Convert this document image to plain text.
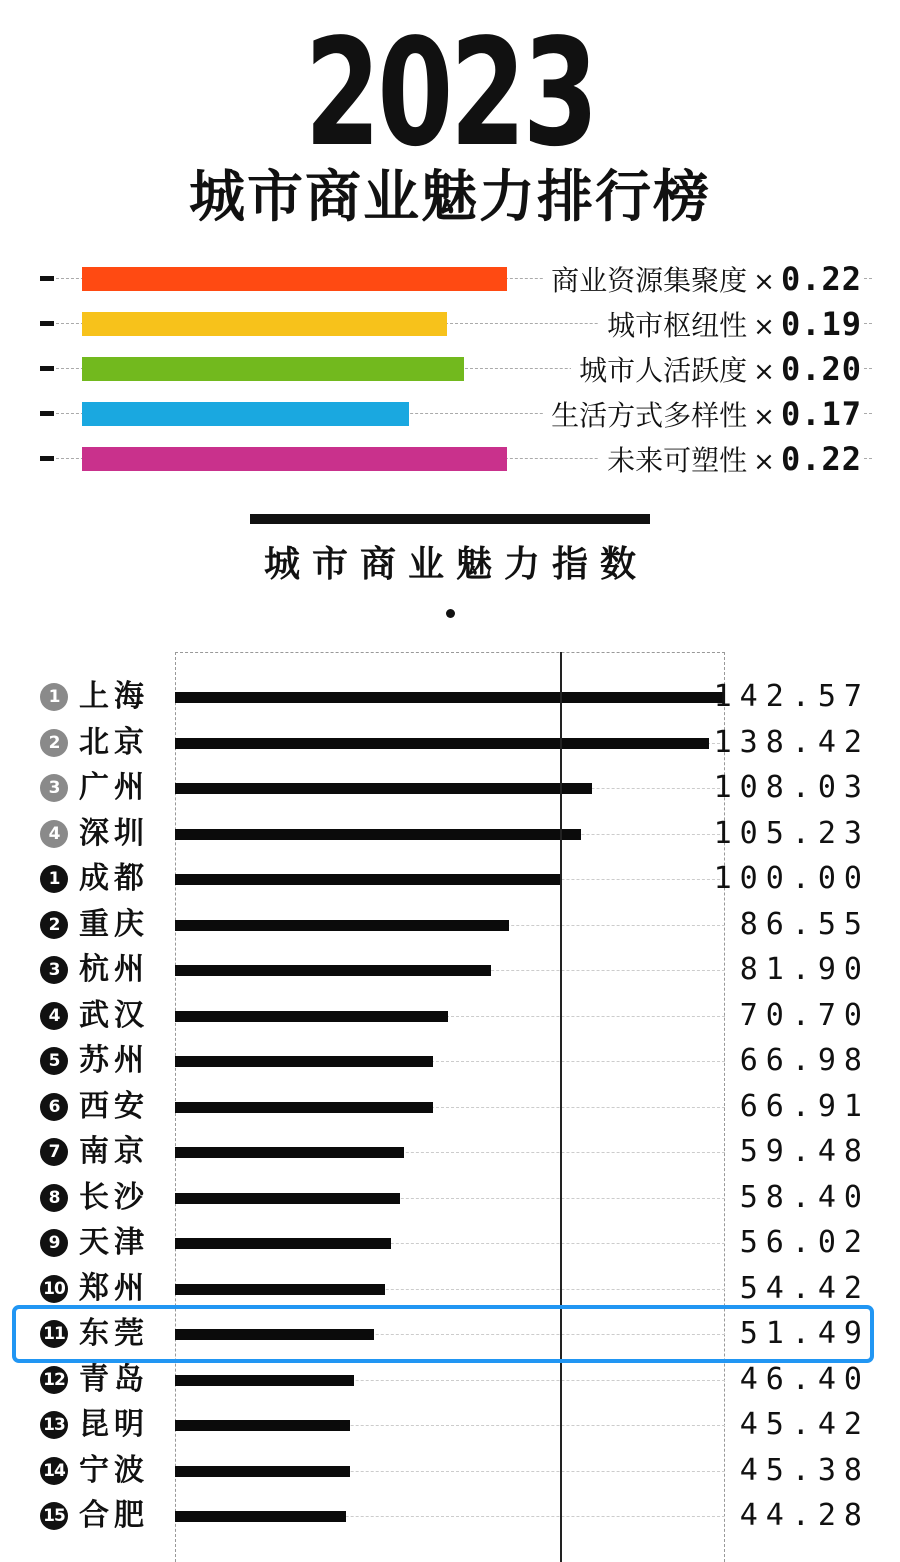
2023
城市商业魅力排行榜
商业资源集聚度 × 0.22
城市枢纽性 × 0.19
城市人活跃度 × 0.20
生活方式多样性 × 0.17
未来可塑性 × 0.22
城市商业魅力指数
1 上海	142.57
2 北京	138.42
3 广州	108.03
4 深圳	105.23
1 成都	100.00
2 重庆	86.55
3 杭州	81.90
4 武汉	70.70
5 苏州	66.98
6 西安	66.91
7 南京	59.48
8 长沙	58.40
9 天津	56.02
10 郑州	54.42
11 东莞	51.49
12 青岛	46.40
13 昆明	45.42
14 宁波	45.38
15 合肥	44.28
